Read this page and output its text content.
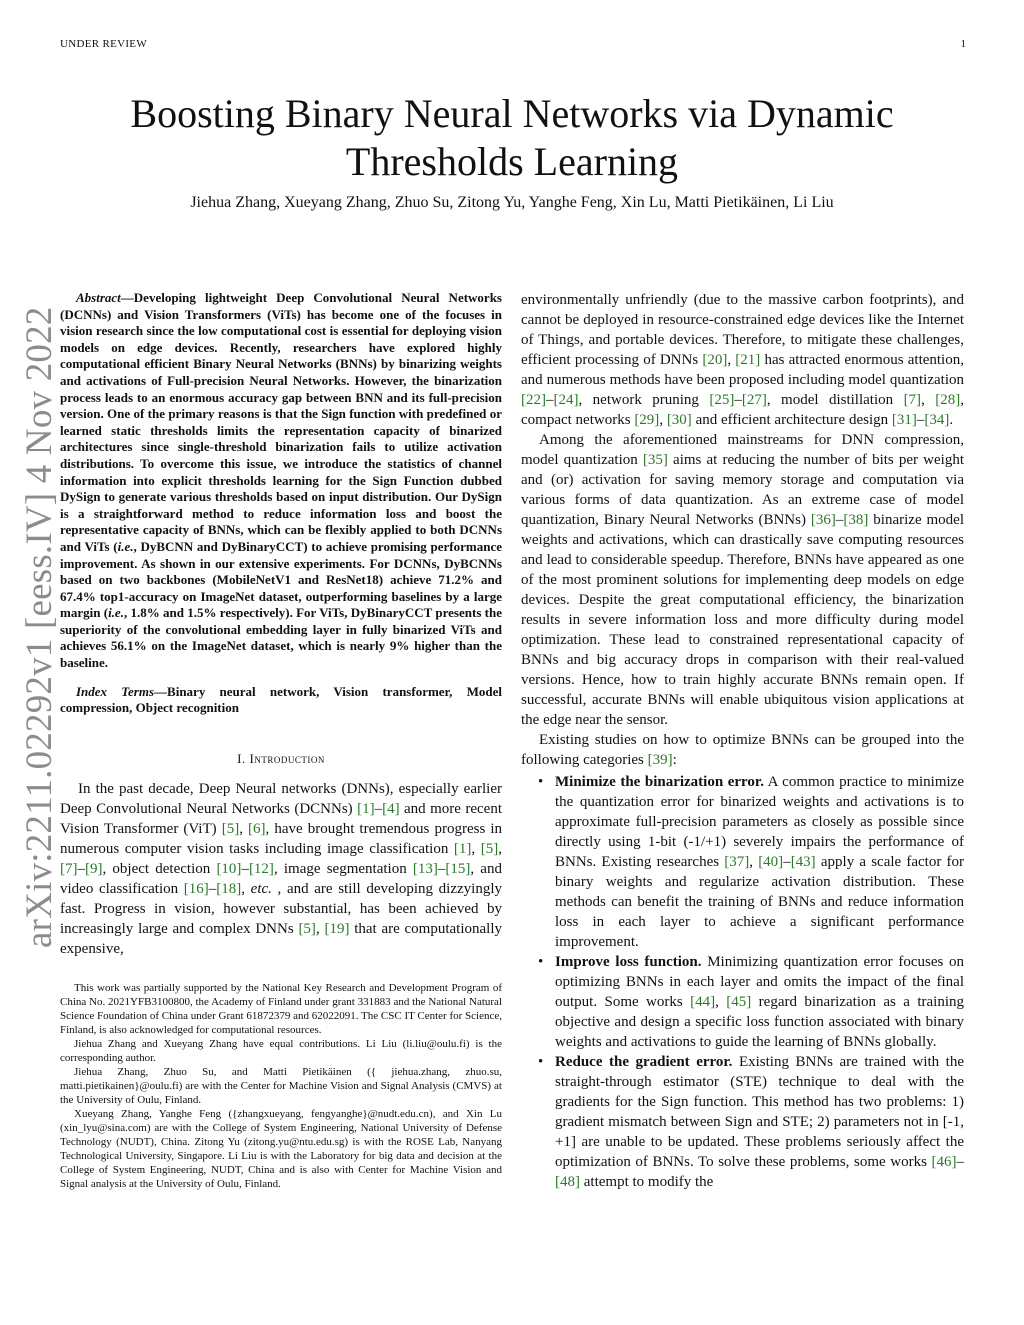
UNDER REVIEW	1
arXiv:2211.02292v1 [eess.IV] 4 Nov 2022
Boosting Binary Neural Networks via Dynamic
Thresholds Learning
Jiehua Zhang, Xueyang Zhang, Zhuo Su, Zitong Yu, Yanghe Feng, Xin Lu, Matti Pietikäinen, Li Liu

Abstract—Developing lightweight Deep Convolutional Neural Networks (DCNNs) and Vision Transformers (ViTs) has become one of the focuses in vision research since the low computational cost is essential for deploying vision models on edge devices. Recently, researchers have explored highly computational efficient Binary Neural Networks (BNNs) by binarizing weights and activations of Full-precision Neural Networks. However, the binarization process leads to an enormous accuracy gap between BNN and its full-precision version. One of the primary reasons is that the Sign function with predefined or learned static thresholds limits the representation capacity of binarized architectures since single-threshold binarization fails to utilize activation distributions. To overcome this issue, we introduce the statistics of channel information into explicit thresholds learning for the Sign Function dubbed DySign to generate various thresholds based on input distribution. Our DySign is a straightforward method to reduce information loss and boost the representative capacity of BNNs, which can be flexibly applied to both DCNNs and ViTs (i.e., DyBCNN and DyBinaryCCT) to achieve promising performance improvement. As shown in our extensive experiments. For DCNNs, DyBCNNs based on two backbones (MobileNetV1 and ResNet18) achieve 71.2% and 67.4% top1-accuracy on ImageNet dataset, outperforming baselines by a large margin (i.e., 1.8% and 1.5% respectively). For ViTs, DyBinaryCCT presents the superiority of the convolutional embedding layer in fully binarized ViTs and achieves 56.1% on the ImageNet dataset, which is nearly 9% higher than the baseline.

Index Terms—Binary neural network, Vision transformer, Model compression, Object recognition

I. Introduction

In the past decade, Deep Neural networks (DNNs), especially earlier Deep Convolutional Neural Networks (DCNNs) [1]–[4] and more recent Vision Transformer (ViT) [5], [6], have brought tremendous progress in numerous computer vision tasks including image classification [1], [5], [7]–[9], object detection [10]–[12], image segmentation [13]–[15], and video classification [16]–[18], etc. , and are still developing dizzyingly fast. Progress in vision, however substantial, has been achieved by increasingly large and complex DNNs [5], [19] that are computationally expensive,

This work was partially supported by the National Key Research and Development Program of China No. 2021YFB3100800, the Academy of Finland under grant 331883 and the National Natural Science Foundation of China under Grant 61872379 and 62022091. The CSC IT Center for Science, Finland, is also acknowledged for computational resources.

Jiehua Zhang and Xueyang Zhang have equal contributions. Li Liu (li.liu@oulu.fi) is the corresponding author.

Jiehua Zhang, Zhuo Su, and Matti Pietikäinen ({ jiehua.zhang, zhuo.su, matti.pietikainen}@oulu.fi) are with the Center for Machine Vision and Signal Analysis (CMVS) at the University of Oulu, Finland.

Xueyang Zhang, Yanghe Feng ({zhangxueyang, fengyanghe}@nudt.edu.cn), and Xin Lu (xin_lyu@sina.com) are with the College of System Engineering, National University of Defense Technology (NUDT), China. Zitong Yu (zitong.yu@ntu.edu.sg) is with the ROSE Lab, Nanyang Technological University, Singapore. Li Liu is with the Laboratory for big data and decision at the College of System Engineering, NUDT, China and is also with Center for Machine Vision and Signal analysis at the University of Oulu, Finland.

environmentally unfriendly (due to the massive carbon footprints), and cannot be deployed in resource-constrained edge devices like the Internet of Things, and portable devices. Therefore, to mitigate these challenges, efficient processing of DNNs [20], [21] has attracted enormous attention, and numerous methods have been proposed including model quantization [22]–[24], network pruning [25]–[27], model distillation [7], [28], compact networks [29], [30] and efficient architecture design [31]–[34].

Among the aforementioned mainstreams for DNN compression, model quantization [35] aims at reducing the number of bits per weight and (or) activation for saving memory storage and computation via various forms of data quantization. As an extreme case of model quantization, Binary Neural Networks (BNNs) [36]–[38] binarize model weights and activations, which can drastically save computing resources and lead to considerable speedup. Therefore, BNNs have appeared as one of the most prominent solutions for implementing deep models on edge devices. Despite the great computational efficiency, the binarization results in severe information loss and more difficulty during model optimization. These lead to constrained representational capacity of BNNs and big accuracy drops in comparison with their real-valued versions. Hence, how to train highly accurate BNNs remain open. If successful, accurate BNNs will enable ubiquitous vision applications at the edge near the sensor.

Existing studies on how to optimize BNNs can be grouped into the following categories [39]:

• Minimize the binarization error. A common practice to minimize the quantization error for binarized weights and activations is to approximate full-precision parameters as closely as possible since directly using 1-bit (-1/+1) severely impairs the performance of BNNs. Existing researches [37], [40]–[43] apply a scale factor for binary weights and regularize activation distribution. These methods can benefit the training of BNNs and reduce information loss in each layer to achieve a significant performance improvement.
• Improve loss function. Minimizing quantization error focuses on optimizing BNNs in each layer and omits the impact of the final output. Some works [44], [45] regard binarization as a training objective and design a specific loss function associated with binary weights and activations to guide the learning of BNNs globally.
• Reduce the gradient error. Existing BNNs are trained with the straight-through estimator (STE) technique to deal with the gradients for the Sign function. This method has two problems: 1) gradient mismatch between Sign and STE; 2) parameters not in [-1, +1] are unable to be updated. These problems seriously affect the optimization of BNNs. To solve these problems, some works [46]–[48] attempt to modify the
